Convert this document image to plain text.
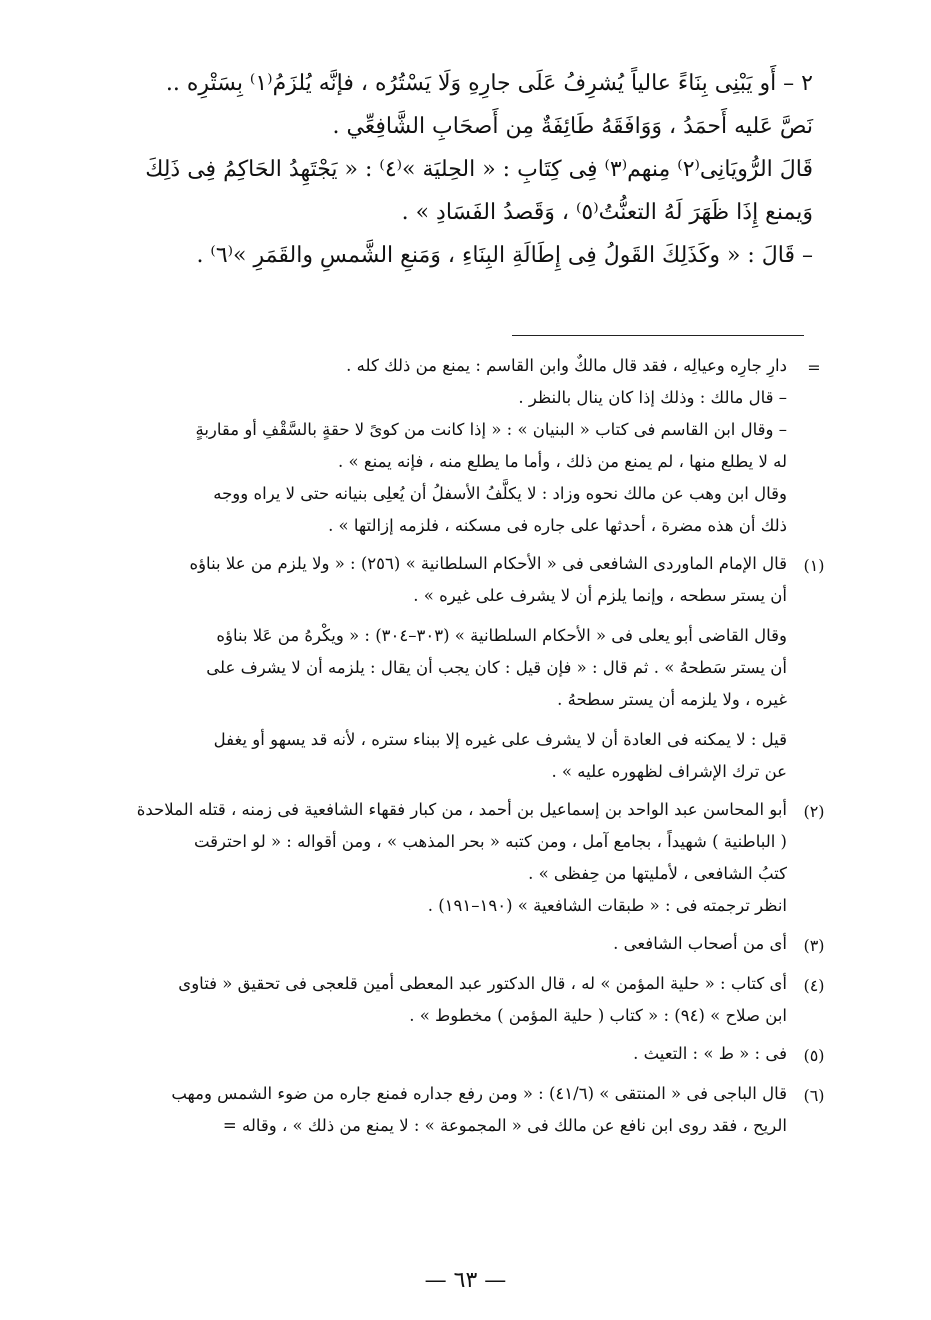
٢ – أَو يَبْنِى بِنَاءً عالياً يُشرِفُ عَلَى جارِهِ وَلَا يَسْتُرُه ، فإنَّه يُلزَمُ⁽١⁾ بِسَتْرِه ..

نَصَّ عَليه أَحمَدُ ، وَوَافَقَهُ طَائِفَةٌ مِن أَصحَابِ الشَّافِعِّي .

قَالَ الرُّويَانِى⁽٢⁾ مِنهم⁽٣⁾ فِى كِتَابِ : « الحِليَة »⁽٤⁾ : « يَجْتَهِدُ الحَاكِمُ فِى ذَلِكَ

وَيمنع إِذَا ظَهَرَ لَهُ التعنُّتُ⁽٥⁾ ، وَقَصدُ الفَسَادِ » .

– قَالَ : « وكَذَلِكَ القَولُ فِى إِطَالَةِ البِنَاءِ ، وَمَنعِ الشَّمسِ والقَمَرِ »⁽٦⁾ .

=

دارِ جارِه وعيالِه ، فقد قال مالكٌ وابن القاسم : يمنع من ذلك كله .

– قال مالك : وذلك إذا كان ينال بالنظر .

– وقال ابن القاسم فى كتاب « البنيان » : « إذا كانت من كوىً لا حقةٍ بالسَّقْفِ أو مقاربةٍ

له لا يطلع منها ، لم يمنع من ذلك ، وأما ما يطلع منه ، فإنه يمنع » .

وقال ابن وهب عن مالك نحوه وزاد : لا يكلَّفُ الأسفلُ أن يُعلِى بنيانه حتى لا يراه ووجه

ذلك أن هذه مضرة ، أحدثها على جاره فى مسكنه ، فلزمه إزالتها » .

(١)

قال الإمام الماوردى الشافعى فى « الأحكام السلطانية » (٢٥٦) : « ولا يلزم من علا بناؤه

أن يستر سطحه ، وإنما يلزم أن لا يشرف على غيره » .

وقال القاضى أبو يعلى فى « الأحكام السلطانية » (٣٠٣–٣٠٤) : « ويكْرهُ من عَلا بناؤه

أن يستر سَطحهُ » . ثم قال : « فإن قيل : كان يجب أن يقال : يلزمه أن لا يشرف على

غيره ، ولا يلزمه أن يستر سطحهُ .

قيل : لا يمكنه فى العادة أن لا يشرف على غيره إلا ببناء ستره ، لأنه قد يسهو أو يغفل

عن ترك الإشراف لظهوره عليه » .

(٢)

أبو المحاسن عبد الواحد بن إسماعيل بن أحمد ، من كبار فقهاء الشافعية فى زمنه ، قتله الملاحدة

( الباطنية ) شهيداً ، بجامع آمل ، ومن كتبه « بحر المذهب » ، ومن أقواله : « لو احترقت

كتبُ الشافعى ، لأمليتها من حِفظى » .

انظر ترجمته فى : « طبقات الشافعية » (١٩٠–١٩١) .

(٣)

أى من أصحاب الشافعى .

(٤)

أى كتاب : « حلية المؤمن » له ، قال الدكتور عبد المعطى أمين قلعجى فى تحقيق « فتاوى

ابن صلاح » (٩٤) : « كتاب ( حلية المؤمن ) مخطوط » .

(٥)

فى : « ط » : التعيث .

(٦)

قال الباجى فى « المنتقى » (٤١/٦) : « ومن رفع جداره فمنع جاره من ضوء الشمس ومهب

الريح ، فقد روى ابن نافع عن مالك فى « المجموعة » : لا يمنع من ذلك » ، وقاله =

— ٦٣ —
